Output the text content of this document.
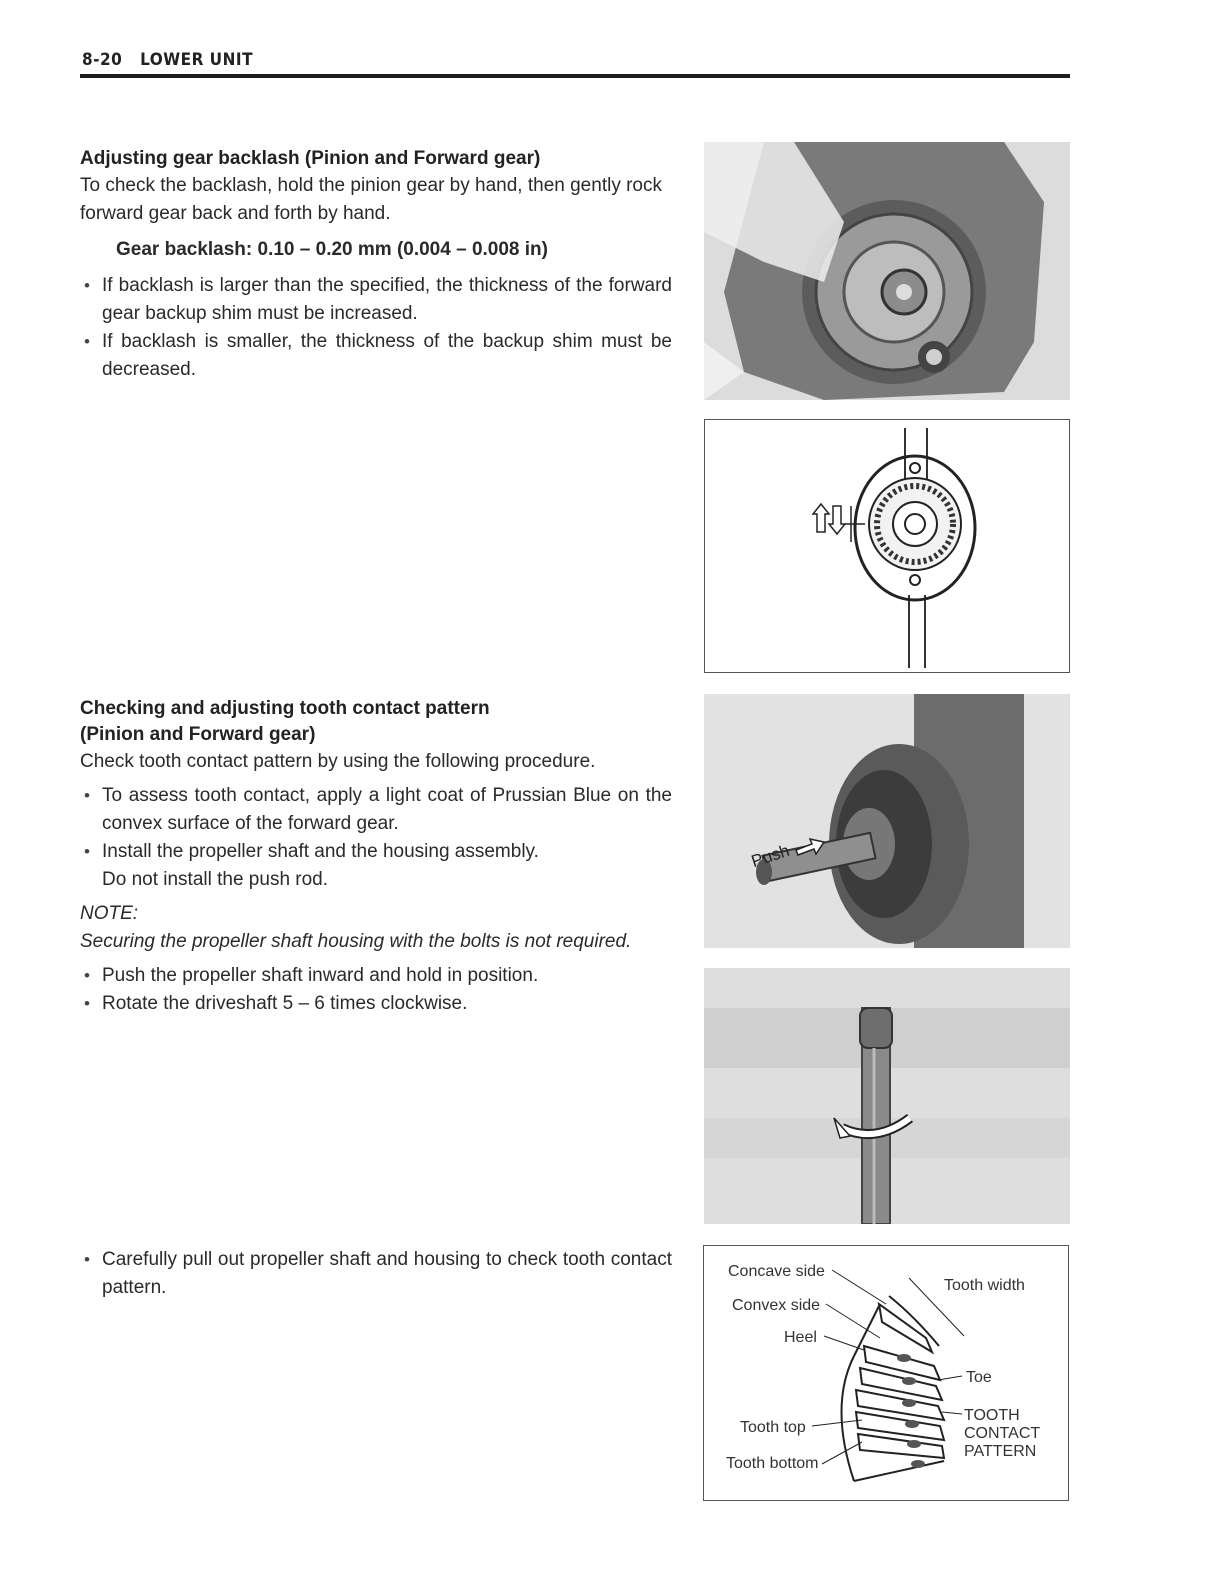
8-20 LOWER UNIT
Adjusting gear backlash (Pinion and Forward gear)

To check the backlash, hold the pinion gear by hand, then gently rock forward gear back and forth by hand.

Gear backlash: 0.10 – 0.20 mm (0.004 – 0.008 in)

• If backlash is larger than the specified, the thickness of the forward gear backup shim must be increased.
• If backlash is smaller, the thickness of the backup shim must be decreased.
Checking and adjusting tooth contact pattern
(Pinion and Forward gear)

Check tooth contact pattern by using the following procedure.

• To assess tooth contact, apply a light coat of Prussian Blue on the convex surface of the forward gear.
• Install the propeller shaft and the housing assembly.
Do not install the push rod.

NOTE:

Securing the propeller shaft housing with the bolts is not required.

• Push the propeller shaft inward and hold in position.
• Rotate the driveshaft 5 – 6 times clockwise.
• Carefully pull out propeller shaft and housing to check tooth contact pattern.
Push
Concave side
Convex side
Heel
Tooth top
Tooth bottom
Tooth width
Toe
TOOTH
CONTACT
PATTERN
